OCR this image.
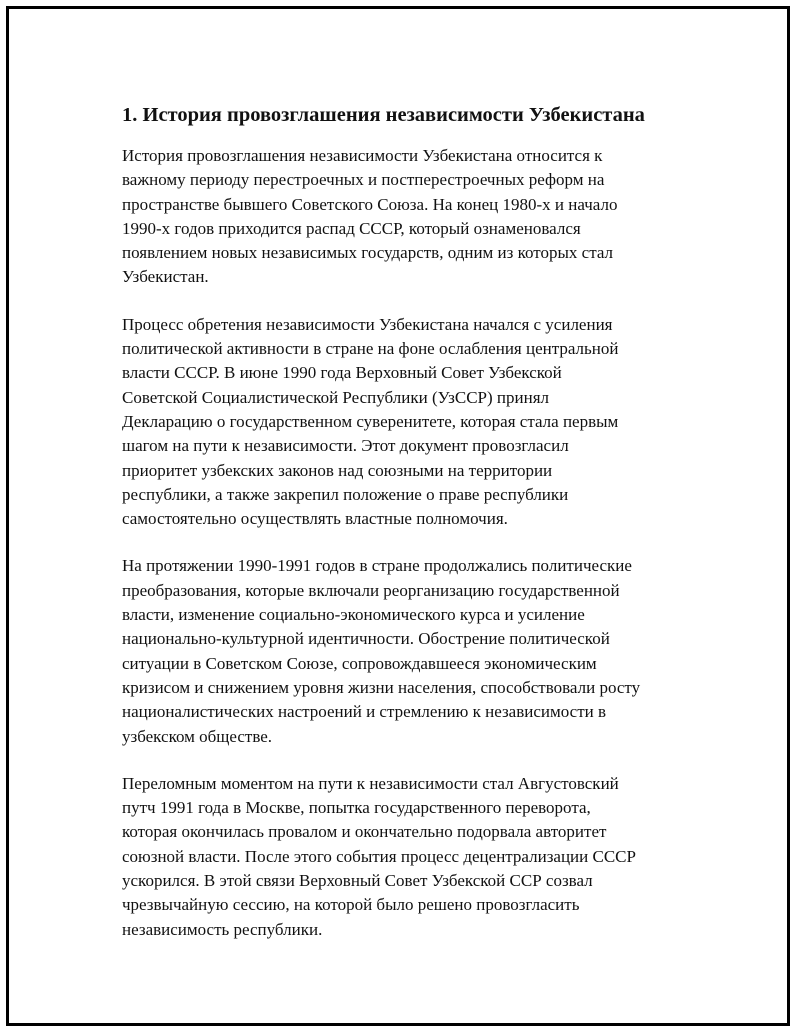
1. История провозглашения независимости Узбекистана

История провозглашения независимости Узбекистана относится к
важному периоду перестроечных и постперестроечных реформ на
пространстве бывшего Советского Союза. На конец 1980-х и начало
1990-х годов приходится распад СССР, который ознаменовался
появлением новых независимых государств, одним из которых стал
Узбекистан.

Процесс обретения независимости Узбекистана начался с усиления
политической активности в стране на фоне ослабления центральной
власти СССР. В июне 1990 года Верховный Совет Узбекской
Советской Социалистической Республики (УзССР) принял
Декларацию о государственном суверенитете, которая стала первым
шагом на пути к независимости. Этот документ провозгласил
приоритет узбекских законов над союзными на территории
республики, а также закрепил положение о праве республики
самостоятельно осуществлять властные полномочия.

На протяжении 1990-1991 годов в стране продолжались политические
преобразования, которые включали реорганизацию государственной
власти, изменение социально-экономического курса и усиление
национально-культурной идентичности. Обострение политической
ситуации в Советском Союзе, сопровождавшееся экономическим
кризисом и снижением уровня жизни населения, способствовали росту
националистических настроений и стремлению к независимости в
узбекском обществе.

Переломным моментом на пути к независимости стал Августовский
путч 1991 года в Москве, попытка государственного переворота,
которая окончилась провалом и окончательно подорвала авторитет
союзной власти. После этого события процесс децентрализации СССР
ускорился. В этой связи Верховный Совет Узбекской ССР созвал
чрезвычайную сессию, на которой было решено провозгласить
независимость республики.
